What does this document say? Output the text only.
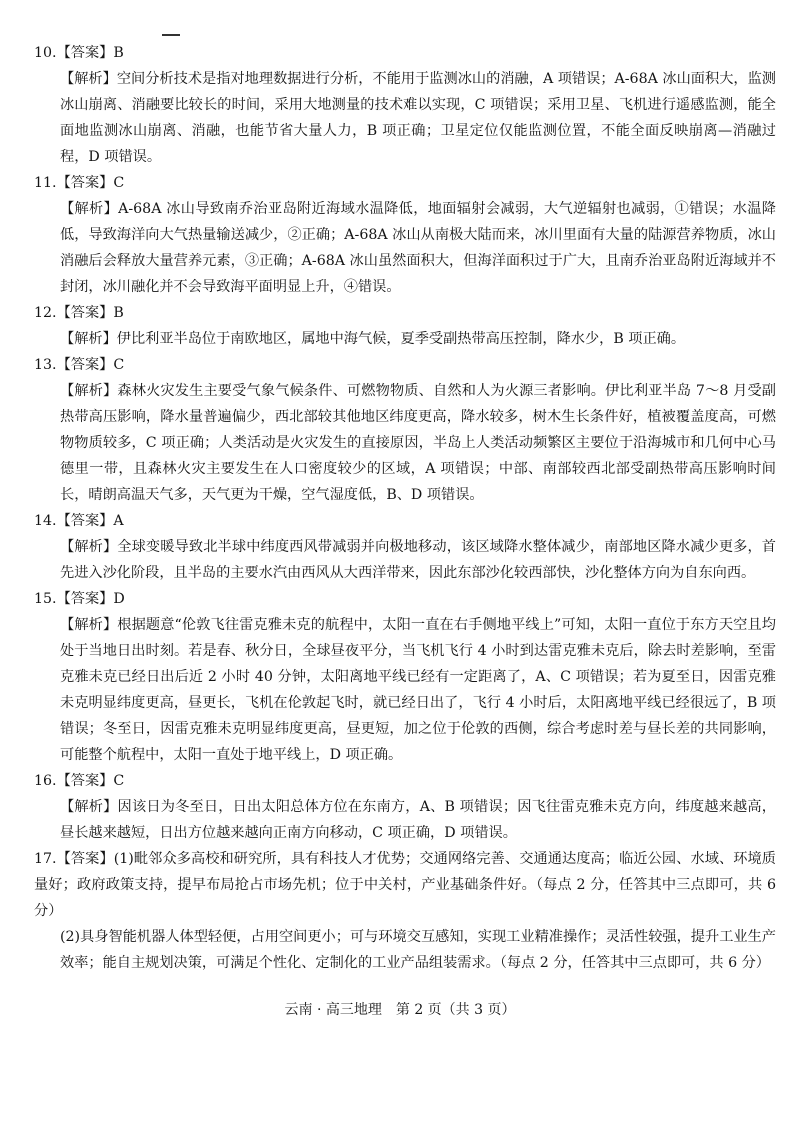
10.【答案】B

【解析】空间分析技术是指对地理数据进行分析，不能用于监测冰山的消融，A 项错误；A-68A 冰山面积大，监测冰山崩离、消融要比较长的时间，采用大地测量的技术难以实现，C 项错误；采用卫星、飞机进行遥感监测，能全面地监测冰山崩离、消融，也能节省大量人力，B 项正确；卫星定位仅能监测位置，不能全面反映崩离—消融过程，D 项错误。

11.【答案】C

【解析】A-68A 冰山导致南乔治亚岛附近海域水温降低，地面辐射会减弱，大气逆辐射也减弱，①错误；水温降低，导致海洋向大气热量输送减少，②正确；A-68A 冰山从南极大陆而来，冰川里面有大量的陆源营养物质，冰山消融后会释放大量营养元素，③正确；A-68A 冰山虽然面积大，但海洋面积过于广大，且南乔治亚岛附近海域并不封闭，冰川融化并不会导致海平面明显上升，④错误。

12.【答案】B

【解析】伊比利亚半岛位于南欧地区，属地中海气候，夏季受副热带高压控制，降水少，B 项正确。

13.【答案】C

【解析】森林火灾发生主要受气象气候条件、可燃物物质、自然和人为火源三者影响。伊比利亚半岛 7～8 月受副热带高压影响，降水量普遍偏少，西北部较其他地区纬度更高，降水较多，树木生长条件好，植被覆盖度高，可燃物物质较多，C 项正确；人类活动是火灾发生的直接原因，半岛上人类活动频繁区主要位于沿海城市和几何中心马德里一带，且森林火灾主要发生在人口密度较少的区域，A 项错误；中部、南部较西北部受副热带高压影响时间长，晴朗高温天气多，天气更为干燥，空气湿度低，B、D 项错误。

14.【答案】A

【解析】全球变暖导致北半球中纬度西风带减弱并向极地移动，该区域降水整体减少，南部地区降水减少更多，首先进入沙化阶段，且半岛的主要水汽由西风从大西洋带来，因此东部沙化较西部快，沙化整体方向为自东向西。

15.【答案】D

【解析】根据题意“伦敦飞往雷克雅未克的航程中，太阳一直在右手侧地平线上”可知，太阳一直位于东方天空且均处于当地日出时刻。若是春、秋分日，全球昼夜平分，当飞机飞行 4 小时到达雷克雅未克后，除去时差影响，至雷克雅未克已经日出后近 2 小时 40 分钟，太阳离地平线已经有一定距离了，A、C 项错误；若为夏至日，因雷克雅未克明显纬度更高，昼更长，飞机在伦敦起飞时，就已经日出了，飞行 4 小时后，太阳离地平线已经很远了，B 项错误；冬至日，因雷克雅未克明显纬度更高，昼更短，加之位于伦敦的西侧，综合考虑时差与昼长差的共同影响，可能整个航程中，太阳一直处于地平线上，D 项正确。

16.【答案】C

【解析】因该日为冬至日，日出太阳总体方位在东南方，A、B 项错误；因飞往雷克雅未克方向，纬度越来越高，昼长越来越短，日出方位越来越向正南方向移动，C 项正确，D 项错误。

17.【答案】(1)毗邻众多高校和研究所，具有科技人才优势；交通网络完善、交通通达度高；临近公园、水域、环境质量好；政府政策支持，提早布局抢占市场先机；位于中关村，产业基础条件好。（每点 2 分，任答其中三点即可，共 6 分）

(2)具身智能机器人体型轻便，占用空间更小；可与环境交互感知，实现工业精准操作；灵活性较强，提升工业生产效率；能自主规划决策，可满足个性化、定制化的工业产品组装需求。（每点 2 分，任答其中三点即可，共 6 分）

云南 · 高三地理　第 2 页（共 3 页）
